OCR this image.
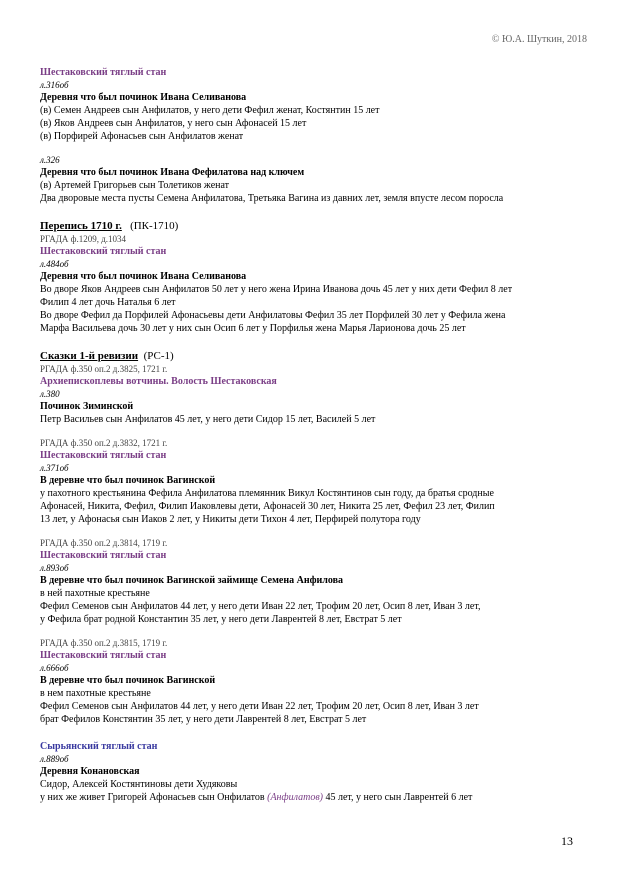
© Ю.А. Шуткин, 2018
Шестаковский тяглый стан
л.316об
Деревня что был починок Ивана Селиванова
(в) Семен Андреев сын Анфилатов, у него дети Фефил женат, Костянтин 15 лет
(в) Яков Андреев сын Анфилатов, у него сын Афонасей 15 лет
(в) Порфирей Афонасьев сын Анфилатов женат
л.326
Деревня что был починок Ивана Фефилатова над ключем
(в) Артемей Григорьев сын Толетиков женат
Два дворовые места пусты Семена Анфилатова, Третьяка Вагина из давних лет, земля впусте лесом поросла
Перепись 1710 г. (ПК-1710)
РГАДА ф.1209, д.1034
Шестаковский тяглый стан
л.484об
Деревня что был починок Ивана Селиванова
Во дворе Яков Андреев сын Анфилатов 50 лет у него жена Ирина Иванова дочь 45 лет у них дети Фефил 8 лет
Филип 4 лет дочь Наталья 6 лет
Во дворе Фефил да Порфилей Афонасьевы дети Анфилатовы Фефил 35 лет Порфилей 30 лет у Фефила жена
Марфа Васильева дочь 30 лет у них сын Осип 6 лет у Порфилья жена Марья Ларионова дочь 25 лет
Сказки 1-й ревизии (РС-1)
РГАДА ф.350 оп.2 д.3825, 1721 г.
Архиепископлевы вотчины. Волость Шестаковская
л.380
Починок Зиминской
Петр Васильев сын Анфилатов 45 лет, у него дети Сидор 15 лет, Василей 5 лет
РГАДА ф.350 оп.2 д.3832, 1721 г.
Шестаковский тяглый стан
л.371об
В деревне что был починок Вагинской
у пахотного крестьянина Фефила Анфилатова племянник Викул Костянтинов сын году, да братья сродные
Афонасей, Никита, Фефил, Филип Иаковлевы дети, Афонасей 30 лет, Никита 25 лет, Фефил 23 лет, Филип
13 лет, у Афонасья сын Иаков 2 лет, у Никиты дети Тихон 4 лет, Перфирей полутора году
РГАДА ф.350 оп.2 д.3814, 1719 г.
Шестаковский тяглый стан
л.893об
В деревне что был починок Вагинской займище Семена Анфилова
в ней пахотные крестьяне
Фефил Семенов сын Анфилатов 44 лет, у него дети Иван 22 лет, Трофим 20 лет, Осип 8 лет, Иван 3 лет,
у Фефила брат родной Константин 35 лет, у него дети Лаврентей 8 лет, Евстрат 5 лет
РГАДА ф.350 оп.2 д.3815, 1719 г.
Шестаковский тяглый стан
л.666об
В деревне что был починок Вагинской
в нем пахотные крестьяне
Фефил Семенов сын Анфилатов 44 лет, у него дети Иван 22 лет, Трофим 20 лет, Осип 8 лет, Иван 3 лет
брат Фефилов Констянтин 35 лет, у него дети Лаврентей 8 лет, Евстрат 5 лет
Сырьянский тяглый стан
л.889об
Деревня Конановская
Сидор, Алексей Костянтиновы дети Худяковы
у них же живет Григорей Афонасьев сын Онфилатов (Анфилатов) 45 лет, у него сын Лаврентей 6 лет
13
